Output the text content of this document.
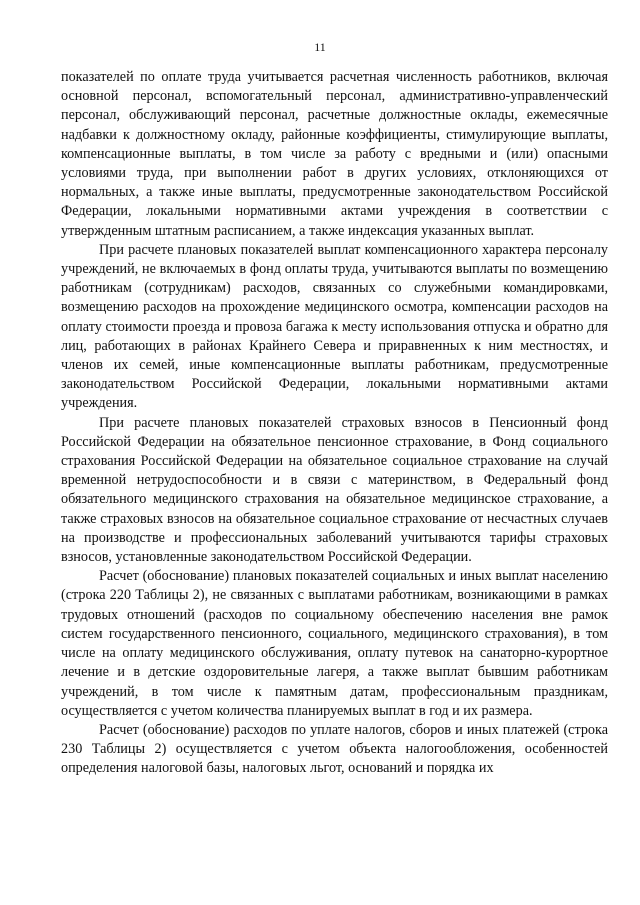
11

показателей по оплате труда учитывается расчетная численность работников, включая основной персонал, вспомогательный персонал, административно-управленческий персонал, обслуживающий персонал, расчетные должностные оклады, ежемесячные надбавки к должностному окладу, районные коэффициенты, стимулирующие выплаты, компенсационные выплаты, в том числе за работу с вредными и (или) опасными условиями труда, при выполнении работ в других условиях, отклоняющихся от нормальных, а также иные выплаты, предусмотренные законодательством Российской Федерации, локальными нормативными актами учреждения в соответствии с утвержденным штатным расписанием, а также индексация указанных выплат.

При расчете плановых показателей выплат компенсационного характера персоналу учреждений, не включаемых в фонд оплаты труда, учитываются выплаты по возмещению работникам (сотрудникам) расходов, связанных со служебными командировками, возмещению расходов на прохождение медицинского осмотра, компенсации расходов на оплату стоимости проезда и провоза багажа к месту использования отпуска и обратно для лиц, работающих в районах Крайнего Севера и приравненных к ним местностях, и членов их семей, иные компенсационные выплаты работникам, предусмотренные законодательством Российской Федерации, локальными нормативными актами учреждения.

При расчете плановых показателей страховых взносов в Пенсионный фонд Российской Федерации на обязательное пенсионное страхование, в Фонд социального страхования Российской Федерации на обязательное социальное страхование на случай временной нетрудоспособности и в связи с материнством, в Федеральный фонд обязательного медицинского страхования на обязательное медицинское страхование, а также страховых взносов на обязательное социальное страхование от несчастных случаев на производстве и профессиональных заболеваний учитываются тарифы страховых взносов, установленные законодательством Российской Федерации.

Расчет (обоснование) плановых показателей социальных и иных выплат населению (строка 220 Таблицы 2), не связанных с выплатами работникам, возникающими в рамках трудовых отношений (расходов по социальному обеспечению населения вне рамок систем государственного пенсионного, социального, медицинского страхования), в том числе на оплату медицинского обслуживания, оплату путевок на санаторно-курортное лечение и в детские оздоровительные лагеря, а также выплат бывшим работникам учреждений, в том числе к памятным датам, профессиональным праздникам, осуществляется с учетом количества планируемых выплат в год и их размера.

Расчет (обоснование) расходов по уплате налогов, сборов и иных платежей (строка 230 Таблицы 2) осуществляется с учетом объекта налогообложения, особенностей определения налоговой базы, налоговых льгот, оснований и порядка их
